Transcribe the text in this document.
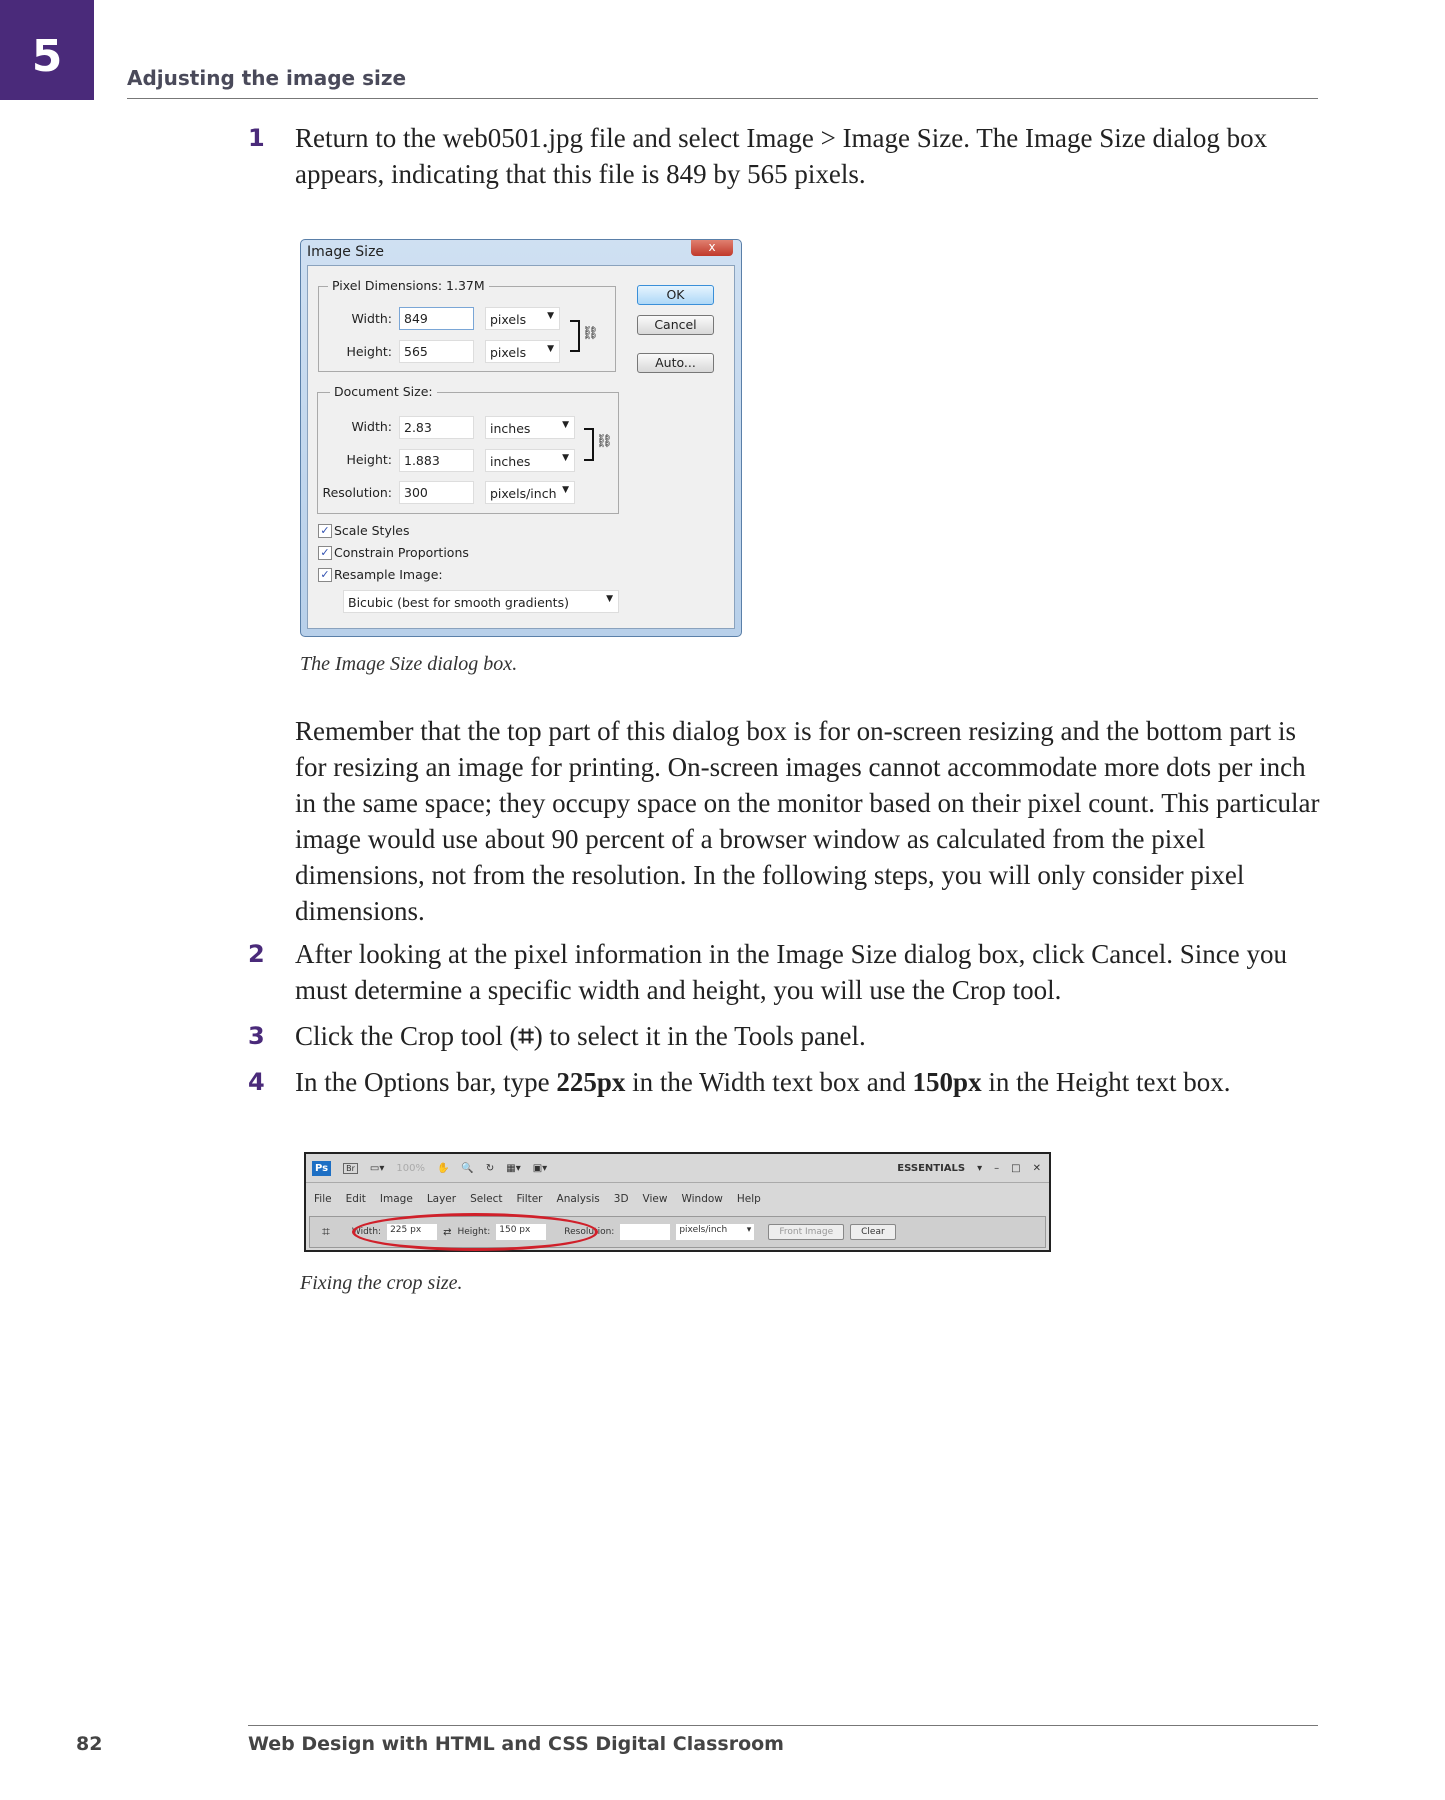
5	Adjusting the image size
1 Return to the web0501.jpg file and select Image > Image Size. The Image Size dialog box appears, indicating that this file is 849 by 565 pixels.
Image Size	x
Pixel Dimensions: 1.37M
Width: 849	pixels ▼
Height: 565	pixels ▼
⛓
OK
Cancel
Auto...
Document Size:
Width: 2.83	inches	▼
Height: 1.883	inches	▼
⛓
Resolution: 300	pixels/inch ▼
✓ Scale Styles
✓ Constrain Proportions
✓ Resample Image:
Bicubic (best for smooth gradients)	▼
The Image Size dialog box.
Remember that the top part of this dialog box is for on-screen resizing and the bottom part is for resizing an image for printing. On-screen images cannot accommodate more dots per inch in the same space; they occupy space on the monitor based on their pixel count. This particular image would use about 90 percent of a browser window as calculated from the pixel dimensions, not from the resolution. In the following steps, you will only consider pixel dimensions.
2 After looking at the pixel information in the Image Size dialog box, click Cancel. Since you must determine a specific width and height, you will use the Crop tool.
3 Click the Crop tool (⌗) to select it in the Tools panel.
4 In the Options bar, type 225px in the Width text box and 150px in the Height text box.
Ps	Br	▭▾ 100% ✋ 🔍 ↻ ▦▾ ▣▾	ESSENTIALS ▾ – □ ✕
File Edit Image Layer Select Filter Analysis 3D View Window Help
⌗ Width:	225 px	⇄ Height:	150 px	Resolution:	pixels/inch ▾	Front Image	Clear
Fixing the crop size.
82	Web Design with HTML and CSS Digital Classroom
